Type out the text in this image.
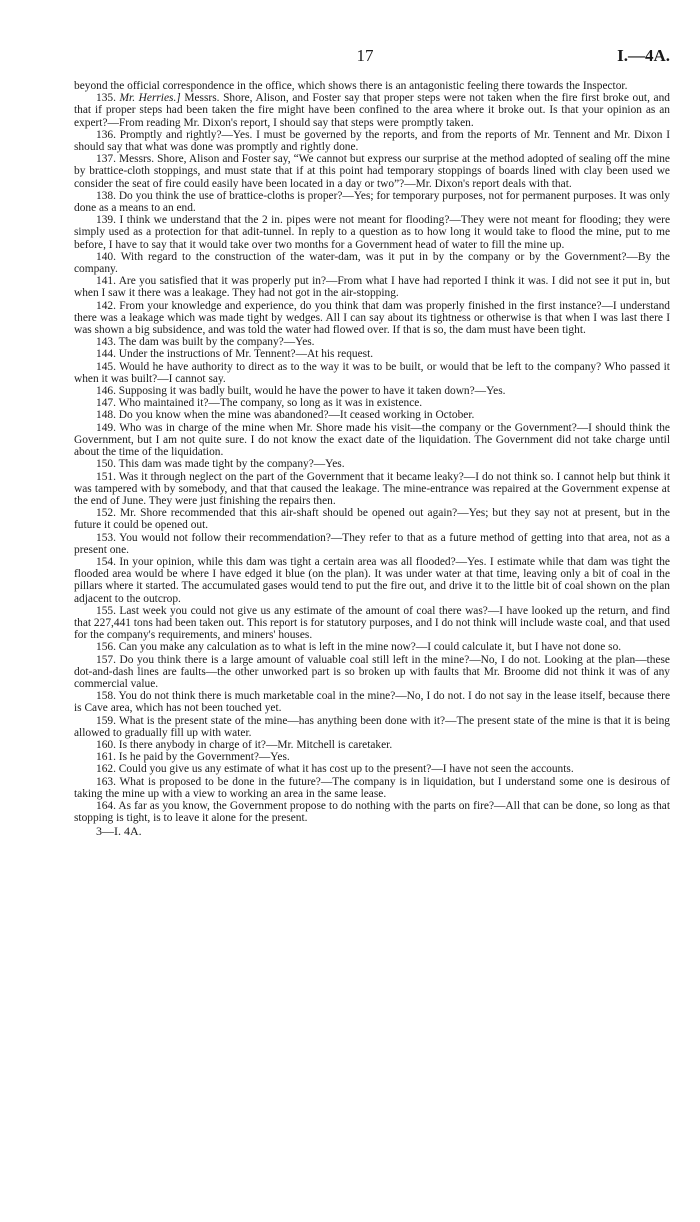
17	I.—4A.

beyond the official correspondence in the office, which shows there is an antagonistic feeling there towards the Inspector.

135. Mr. Herries.] Messrs. Shore, Alison, and Foster say that proper steps were not taken when the fire first broke out, and that if proper steps had been taken the fire might have been confined to the area where it broke out. Is that your opinion as an expert?—From reading Mr. Dixon's report, I should say that steps were promptly taken.

136. Promptly and rightly?—Yes. I must be governed by the reports, and from the reports of Mr. Tennent and Mr. Dixon I should say that what was done was promptly and rightly done.

137. Messrs. Shore, Alison and Foster say, “We cannot but express our surprise at the method adopted of sealing off the mine by brattice-cloth stoppings, and must state that if at this point had temporary stoppings of boards lined with clay been used we consider the seat of fire could easily have been located in a day or two”?—Mr. Dixon's report deals with that.

138. Do you think the use of brattice-cloths is proper?—Yes; for temporary purposes, not for permanent purposes. It was only done as a means to an end.

139. I think we understand that the 2 in. pipes were not meant for flooding?—They were not meant for flooding; they were simply used as a protection for that adit-tunnel. In reply to a question as to how long it would take to flood the mine, put to me before, I have to say that it would take over two months for a Government head of water to fill the mine up.

140. With regard to the construction of the water-dam, was it put in by the company or by the Government?—By the company.

141. Are you satisfied that it was properly put in?—From what I have had reported I think it was. I did not see it put in, but when I saw it there was a leakage. They had not got in the air-stopping.

142. From your knowledge and experience, do you think that dam was properly finished in the first instance?—I understand there was a leakage which was made tight by wedges. All I can say about its tightness or otherwise is that when I was last there I was shown a big subsidence, and was told the water had flowed over. If that is so, the dam must have been tight.

143. The dam was built by the company?—Yes.

144. Under the instructions of Mr. Tennent?—At his request.

145. Would he have authority to direct as to the way it was to be built, or would that be left to the company? Who passed it when it was built?—I cannot say.

146. Supposing it was badly built, would he have the power to have it taken down?—Yes.

147. Who maintained it?—The company, so long as it was in existence.

148. Do you know when the mine was abandoned?—It ceased working in October.

149. Who was in charge of the mine when Mr. Shore made his visit—the company or the Government?—I should think the Government, but I am not quite sure. I do not know the exact date of the liquidation. The Government did not take charge until about the time of the liquidation.

150. This dam was made tight by the company?—Yes.

151. Was it through neglect on the part of the Government that it became leaky?—I do not think so. I cannot help but think it was tampered with by somebody, and that that caused the leakage. The mine-entrance was repaired at the Government expense at the end of June. They were just finishing the repairs then.

152. Mr. Shore recommended that this air-shaft should be opened out again?—Yes; but they say not at present, but in the future it could be opened out.

153. You would not follow their recommendation?—They refer to that as a future method of getting into that area, not as a present one.

154. In your opinion, while this dam was tight a certain area was all flooded?—Yes. I estimate while that dam was tight the flooded area would be where I have edged it blue (on the plan). It was under water at that time, leaving only a bit of coal in the pillars where it started. The accumulated gases would tend to put the fire out, and drive it to the little bit of coal shown on the plan adjacent to the outcrop.

155. Last week you could not give us any estimate of the amount of coal there was?—I have looked up the return, and find that 227,441 tons had been taken out. This report is for statutory purposes, and I do not think will include waste coal, and that used for the company's requirements, and miners' houses.

156. Can you make any calculation as to what is left in the mine now?—I could calculate it, but I have not done so.

157. Do you think there is a large amount of valuable coal still left in the mine?—No, I do not. Looking at the plan—these dot-and-dash lines are faults—the other unworked part is so broken up with faults that Mr. Broome did not think it was of any commercial value.

158. You do not think there is much marketable coal in the mine?—No, I do not. I do not say in the lease itself, because there is Cave area, which has not been touched yet.

159. What is the present state of the mine—has anything been done with it?—The present state of the mine is that it is being allowed to gradually fill up with water.

160. Is there anybody in charge of it?—Mr. Mitchell is caretaker.

161. Is he paid by the Government?—Yes.

162. Could you give us any estimate of what it has cost up to the present?—I have not seen the accounts.

163. What is proposed to be done in the future?—The company is in liquidation, but I understand some one is desirous of taking the mine up with a view to working an area in the same lease.

164. As far as you know, the Government propose to do nothing with the parts on fire?—All that can be done, so long as that stopping is tight, is to leave it alone for the present.

3—I. 4A.
